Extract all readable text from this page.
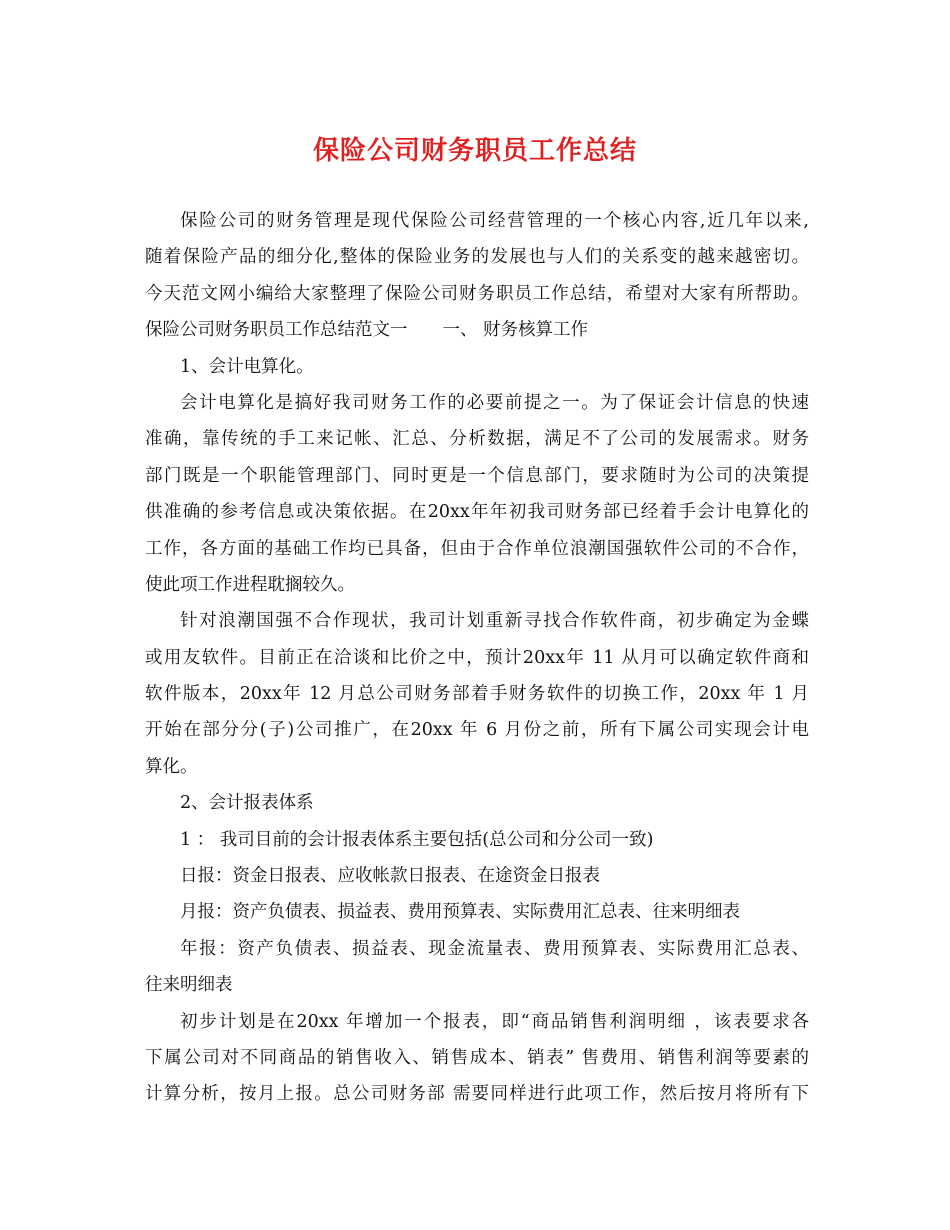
保险公司财务职员工作总结
保险公司的财务管理是现代保险公司经营管理的一个核心内容,近几年以来,
随着保险产品的细分化,整体的保险业务的发展也与人们的关系变的越来越密切。
今天范文网小编给大家整理了保险公司财务职员工作总结，希望对大家有所帮助。
保险公司财务职员工作总结范文一　　一、 财务核算工作
1、会计电算化。
会计电算化是搞好我司财务工作的必要前提之一。为了保证会计信息的快速
准确，靠传统的手工来记帐、汇总、分析数据，满足不了公司的发展需求。财务
部门既是一个职能管理部门、同时更是一个信息部门，要求随时为公司的决策提
供准确的参考信息或决策依据。在20xx年年初我司财务部已经着手会计电算化的
工作，各方面的基础工作均已具备，但由于合作单位浪潮国强软件公司的不合作，
使此项工作进程耽搁较久。
针对浪潮国强不合作现状，我司计划重新寻找合作软件商，初步确定为金蝶
或用友软件。目前正在洽谈和比价之中，预计20xx年 11 从月可以确定软件商和
软件版本，20xx年 12 月总公司财务部着手财务软件的切换工作，20xx 年 1 月
开始在部分分(子)公司推广，在20xx 年 6 月份之前，所有下属公司实现会计电
算化。
2、会计报表体系
1 ： 我司目前的会计报表体系主要包括(总公司和分公司一致)
日报：资金日报表、应收帐款日报表、在途资金日报表
月报：资产负债表、损益表、费用预算表、实际费用汇总表、往来明细表
年报：资产负债表、损益表、现金流量表、费用预算表、实际费用汇总表、
往来明细表
初步计划是在20xx 年增加一个报表，即“商品销售利润明细 ，该表要求各
下属公司对不同商品的销售收入、销售成本、销表” 售费用、销售利润等要素的
计算分析，按月上报。总公司财务部 需要同样进行此项工作，然后按月将所有下
